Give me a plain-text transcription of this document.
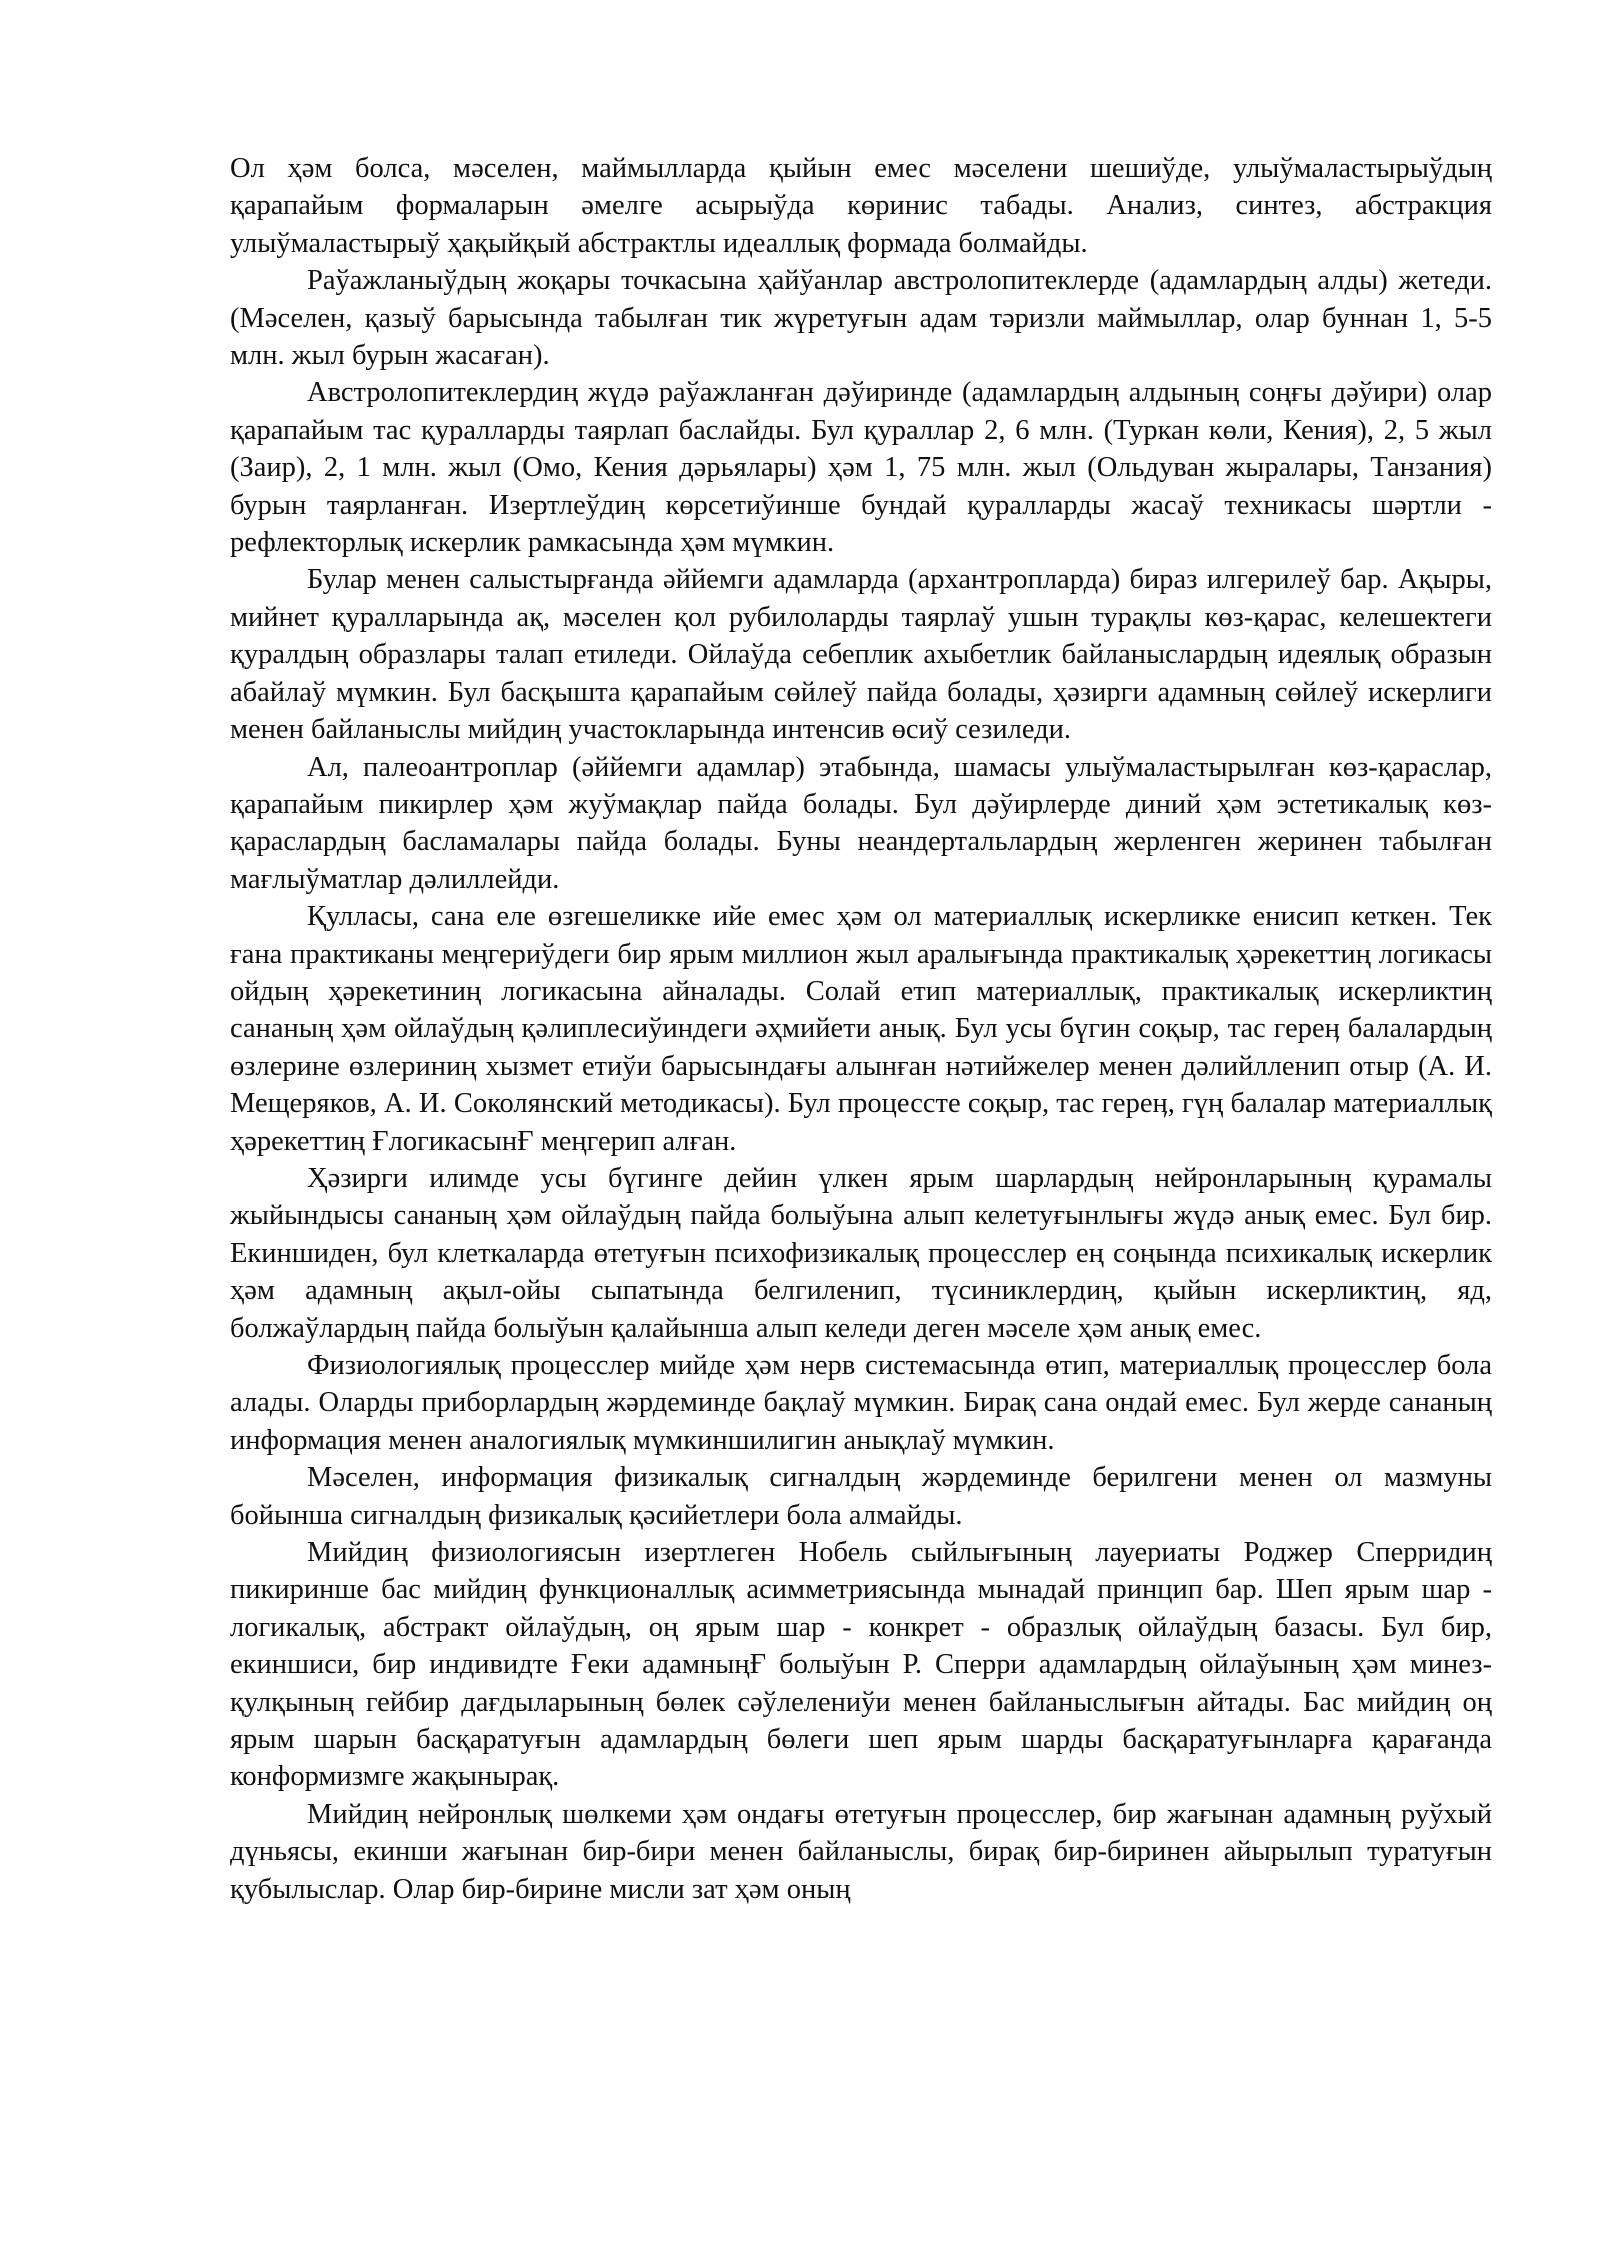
Ол ҳәм болса, мәселен, маймылларда қыйын емес мәселени шешиўде, улыўмаластырыўдың қарапайым формаларын әмелге асырыўда көринис табады. Анализ, синтез, абстракция улыўмаластырыў ҳақыйқый абстрактлы идеаллық формада болмайды.

Раўажланыўдың жоқары точкасына ҳайўанлар австролопитеклерде (адамлардың алды) жетеди. (Мәселен, қазыў барысында табылған тик жүретуғын адам тәризли маймыллар, олар буннан 1, 5-5 млн. жыл бурын жасаған).

Австролопитеклердиң жүдә раўажланған дәўиринде (адамлардың алдының соңғы дәўири) олар қарапайым тас қуралларды таярлап баслайды. Бул қураллар 2, 6 млн. (Туркан көли, Кения), 2, 5 жыл (Заир), 2, 1 млн. жыл (Омо, Кения дәрьялары) ҳәм 1, 75 млн. жыл (Ольдуван жыралары, Танзания) бурын таярланған. Изертлеўдиң көрсетиўинше бундай қуралларды жасаў техникасы шәртли - рефлекторлық искерлик рамкасында ҳәм мүмкин.

Булар менен салыстырғанда әййемги адамларда (архантропларда) бираз илгерилеў бар. Ақыры, мийнет қуралларында ақ, мәселен қол рубилоларды таярлаў ушын турақлы көз-қарас, келешектеги қуралдың образлары талап етиледи. Ойлаўда себеплик ахыбетлик байланыслардың идеялық образын абайлаў мүмкин. Бул басқышта қарапайым сөйлеў пайда болады, ҳәзирги адамның сөйлеў искерлиги менен байланыслы мийдиң участокларында интенсив өсиў сезиледи.

Ал, палеоантроплар (әййемги адамлар) этабында, шамасы улыўмаластырылған көз-қараслар, қарапайым пикирлер ҳәм жуўмақлар пайда болады. Бул дәўирлерде диний ҳәм эстетикалық көз-қараслардың басламалары пайда болады. Буны неандертальлардың жерленген жеринен табылған мағлыўматлар дәлиллейди.

Қулласы, сана еле өзгешеликке ийе емес ҳәм ол материаллық искерликке енисип кеткен. Тек ғана практиканы меңгериўдеги бир ярым миллион жыл аралығында практикалық ҳәрекеттиң логикасы ойдың ҳәрекетиниң логикасына айналады. Солай етип материаллық, практикалық искерликтиң сананың ҳәм ойлаўдың қәлиплесиўиндеги әҳмийети анық. Бул усы бүгин соқыр, тас гереӊ балалардың өзлерине өзлериниң хызмет етиўи барысындағы алынған нәтийжелер менен дәлийлленип отыр (А. И. Мещеряков, А. И. Соколянский методикасы). Бул процессте соқыр, тас гереӊ, гүң балалар материаллық ҳәрекеттиң ҒлогикасынҒ меңгерип алған.

Ҳәзирги илимде усы бүгинге дейин үлкен ярым шарлардың нейронларының қурамалы жыйындысы сананың ҳәм ойлаўдың пайда болыўына алып келетуғынлығы жүдә анық емес. Бул бир. Екиншиден, бул клеткаларда өтетуғын психофизикалық процесслер ең соңында психикалық искерлик ҳәм адамның ақыл-ойы сыпатында белгиленип, түсиниклердиң, қыйын искерликтиң, яд, болжаўлардың пайда болыўын қалайынша алып келеди деген мәселе ҳәм анық емес.

Физиологиялық процесслер мийде ҳәм нерв системасында өтип, материаллық процесслер бола алады. Оларды приборлардың жәрдеминде бақлаў мүмкин. Бирақ сана ондай емес. Бул жерде сананың информация менен аналогиялық мүмкиншилигин анықлаў мүмкин.

Мәселен, информация физикалық сигналдың жәрдеминде берилгени менен ол мазмуны бойынша сигналдың физикалық қәсийетлери бола алмайды.

Мийдиң физиологиясын изертлеген Нобель сыйлығының лауериаты Роджер Сперридиң пикиринше бас мийдиң функционаллық асимметриясында мынадай принцип бар. Шеп ярым шар - логикалық, абстракт ойлаўдың, оң ярым шар - конкрет - образлық ойлаўдың базасы. Бул бир, екиншиси, бир индивидте Ғеки адамныңҒ болыўын Р. Сперри адамлардың ойлаўының ҳәм минез-қулқының гейбир дағдыларының бөлек сәўлелениўи менен байланыслығын айтады. Бас мийдиң оң ярым шарын басқаратуғын адамлардың бөлеги шеп ярым шарды басқаратуғынларға қарағанда конформизмге жақынырақ.

Мийдиң нейронлық шөлкеми ҳәм ондағы өтетуғын процесслер, бир жағынан адамның руўхый дүньясы, екинши жағынан бир-бири менен байланыслы, бирақ бир-биринен айырылып туратуғын қубылыслар. Олар бир-бирине мисли зат ҳәм оның
